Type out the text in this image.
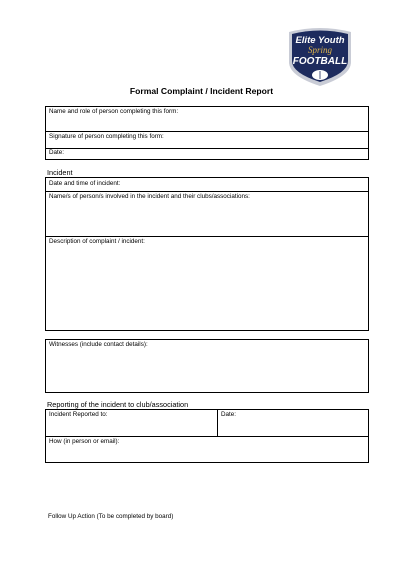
Elite Youth
Spring
FOOTBALL
Formal Complaint / Incident Report
Name and role of person completing this form:
Signature of person completing this form:
Date:
Incident
Date and time of incident:
Name/s of person/s involved in the incident and their clubs/associations:
Description of complaint / incident:
Witnesses (include contact details):
Reporting of the incident to club/association
Incident Reported to:	Date:
How (in person or email):
Follow Up Action (To be completed by board)
